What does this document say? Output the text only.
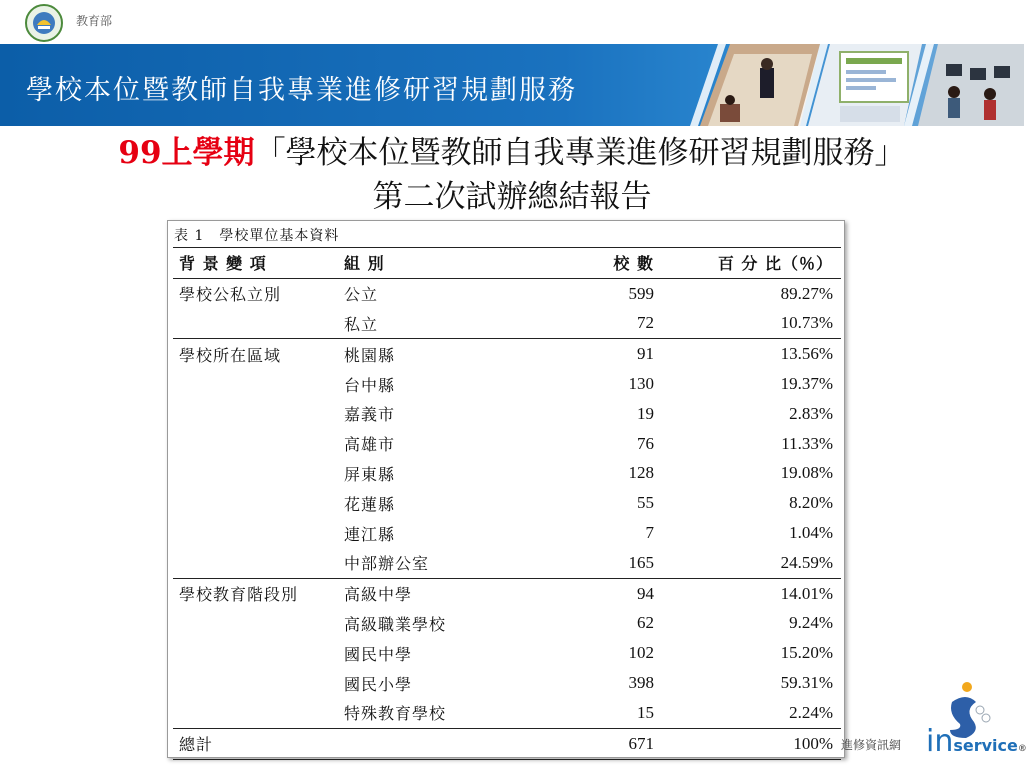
教育部
學校本位暨教師自我專業進修研習規劃服務
99上學期「學校本位暨教師自我專業進修研習規劃服務」
第二次試辦總結報告
表 1　學校單位基本資料
背 景 變 項	組 別	校 數	百 分 比（％）
學校公私立別	公立	599	89.27%
	私立	72	10.73%
學校所在區域	桃園縣	91	13.56%
	台中縣	130	19.37%
	嘉義市	19	2.83%
	高雄市	76	11.33%
	屏東縣	128	19.08%
	花蓮縣	55	8.20%
	連江縣	7	1.04%
	中部辦公室	165	24.59%
學校教育階段別	高級中學	94	14.01%
	高級職業學校	62	9.24%
	國民中學	102	15.20%
	國民小學	398	59.31%
	特殊教育學校	15	2.24%
總計		671	100% 進修資訊網 inservice®
